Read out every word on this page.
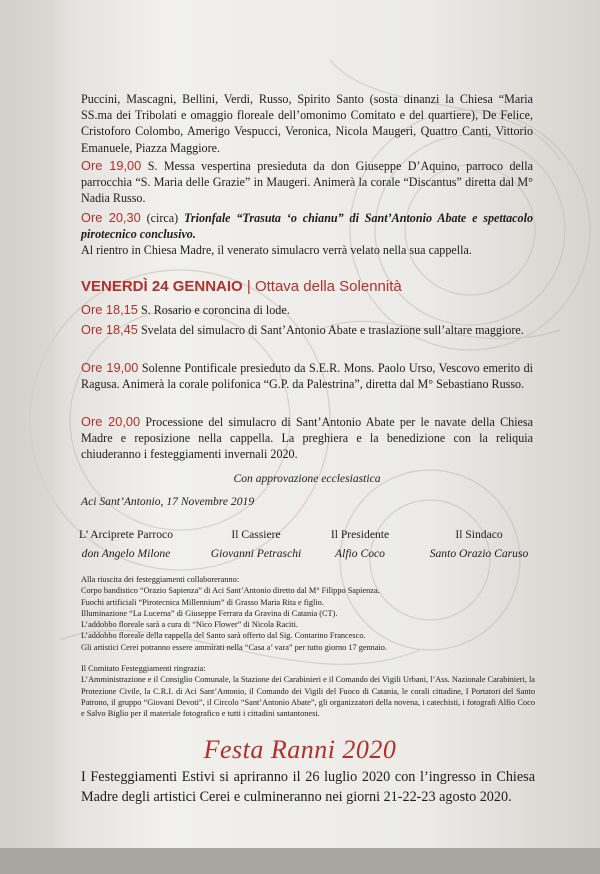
Puccini, Mascagni, Bellini, Verdi, Russo, Spirito Santo (sosta dinanzi la Chiesa “Maria SS.ma dei Tribolati e omaggio floreale dell’omonimo Comitato e del quartiere), De Felice, Cristoforo Colombo, Amerigo Vespucci, Veronica, Nicola Maugeri, Quattro Canti, Vittorio Emanuele, Piazza Maggiore.

Ore 19,00 S. Messa vespertina presieduta da don Giuseppe D’Aquino, parroco della parrocchia “S. Maria delle Grazie” in Maugeri. Animerà la corale “Discantus” diretta dal M° Nadia Russo.

Ore 20,30 (circa) Trionfale “Trasuta ‘o chianu” di Sant’Antonio Abate e spettacolo pirotecnico conclusivo.
Al rientro in Chiesa Madre, il venerato simulacro verrà velato nella sua cappella.

VENERDÌ 24 GENNAIO | Ottava della Solennità

Ore 18,15 S. Rosario e coroncina di lode.

Ore 18,45 Svelata del simulacro di Sant’Antonio Abate e traslazione sull’altare maggiore.

Ore 19,00 Solenne Pontificale presieduto da S.E.R. Mons. Paolo Urso, Vescovo emerito di Ragusa. Animerà la corale polifonica “G.P. da Palestrina”, diretta dal M° Sebastiano Russo.

Ore 20,00 Processione del simulacro di Sant’Antonio Abate per le navate della Chiesa Madre e reposizione nella cappella. La preghiera e la benedizione con la reliquia chiuderanno i festeggiamenti invernali 2020.

Con approvazione ecclesiastica
Aci Sant’Antonio, 17 Novembre 2019
L’ Arciprete Parroco
don Angelo Milone
Il Cassiere
Giovanni Petraschi
Il Presidente
Alfio Coco
Il Sindaco
Santo Orazio Caruso
Alla riuscita dei festeggiamenti collaboreranno:
Corpo bandistico “Orazio Sapienza” di Aci Sant’Antonio diretto dal M° Filippo Sapienza.
Fuochi artificiali “Pirotecnica Millennium” di Grasso Maria Rita e figlio.
Illuminazione “La Lucerna” di Giuseppe Ferrara da Gravina di Catania (CT).
L’addobbo floreale sarà a cura di “Nico Flower” di Nicola Raciti.
L’addobbo floreale della cappella del Santo sarà offerto dal Sig. Contarino Francesco.
Gli artistici Cerei potranno essere ammirati nella “Casa a’ vara” per tutto giorno 17 gennaio.
Il Comitato Festeggiamenti ringrazia:
L’Amministrazione e il Consiglio Comunale, la Stazione dei Carabinieri e il Comando dei Vigili Urbani, l’Ass. Nazionale Carabinieri, la Protezione Civile, la C.R.I. di Aci Sant’Antonio, il Comando dei Vigili del Fuoco di Catania, le corali cittadine, I Portatori del Santo Patrono, il gruppo “Giovani Devoti”, il Circolo “Sant’Antonio Abate”, gli organizzatori della novena, i catechisti, i fotografi Alfio Coco e Salvo Biglio per il materiale fotografico e tutti i cittadini santantonesi.
Festa Ranni 2020

I Festeggiamenti Estivi si apriranno il 26 luglio 2020 con l’ingresso in Chiesa Madre degli artistici Cerei e culmineranno nei giorni 21-22-23 agosto 2020.
